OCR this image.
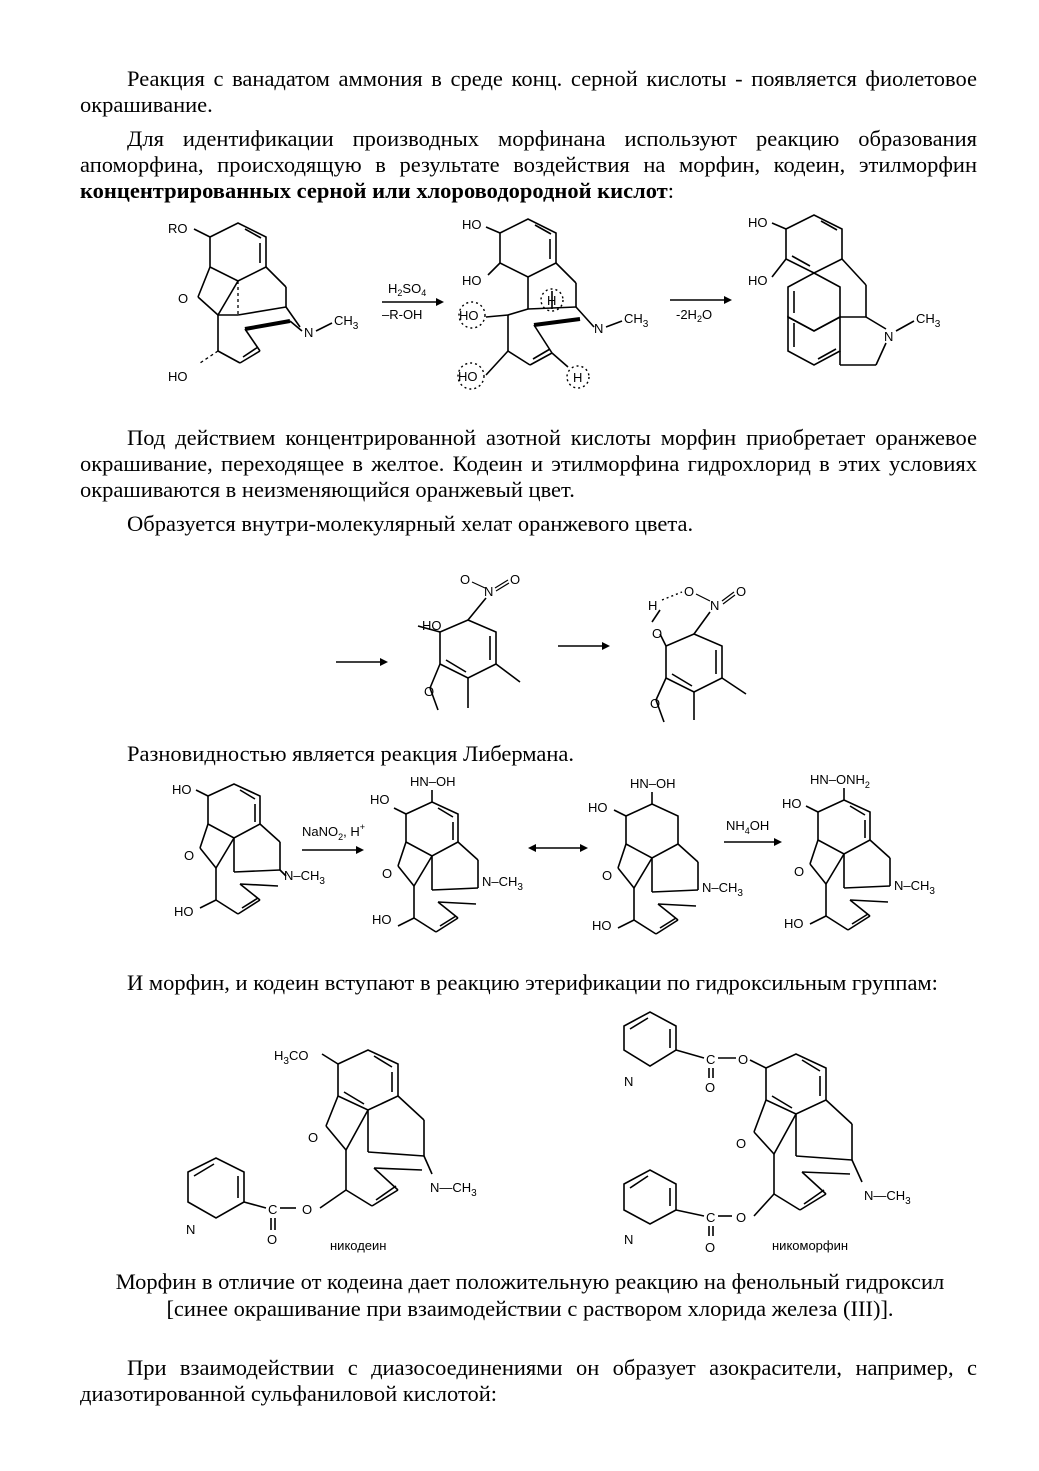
Реакция с ванадатом аммония в среде конц. серной кислоты - появляется фиолетовое окрашивание.

Для идентификации производных морфинана используют реакцию образования апоморфина, происходящую в результате воздействия на морфин, кодеин, этилморфин концентрированных серной или хлороводородной кислот:

RO
O
HO
N
$CH_3$
$H_2SO_4$
–R-OH
HO
HO
HO
HO
H
H
N
$CH_3$
$-2H_2O$
HO
HO
N
$CH_3$

Под действием концентрированной азотной кислоты морфин приобретает оранжевое окрашивание, переходящее в желтое. Кодеин и этилморфина гидрохлорид в этих условиях окрашиваются в неизменяющийся оранжевый цвет.

Образуется внутри-молекулярный хелат оранжевого цвета.

N
O	O
HO
O
N
O	O
H
O
O

Разновидностью является реакция Либермана.

HO
O
HO
$N-CH_3$
NaNO$_2$, H+
HN–OH
HO
O
HO
$N-CH_3$
HN–OH
HO
O
HO
$N-CH_3$
$NH_4OH$
$HN-ONH_2$
HO
O
HO
$N-CH_3$

И морфин, и кодеин вступают в реакцию этерификации по гидроксильным группам:

$H_3CO$
O
$N—CH_3$
O
C
O
N
никодеин
N
C
O
O
O
$N—CH_3$
O
C
O
N	никоморфин

Морфин в отличие от кодеина дает положительную реакцию на фенольный гидроксил [синее окрашивание при взаимодействии с раствором хлорида железа (III)].

При взаимодействии с диазосоединениями он образует азокрасители, например, с диазотированной сульфаниловой кислотой:
